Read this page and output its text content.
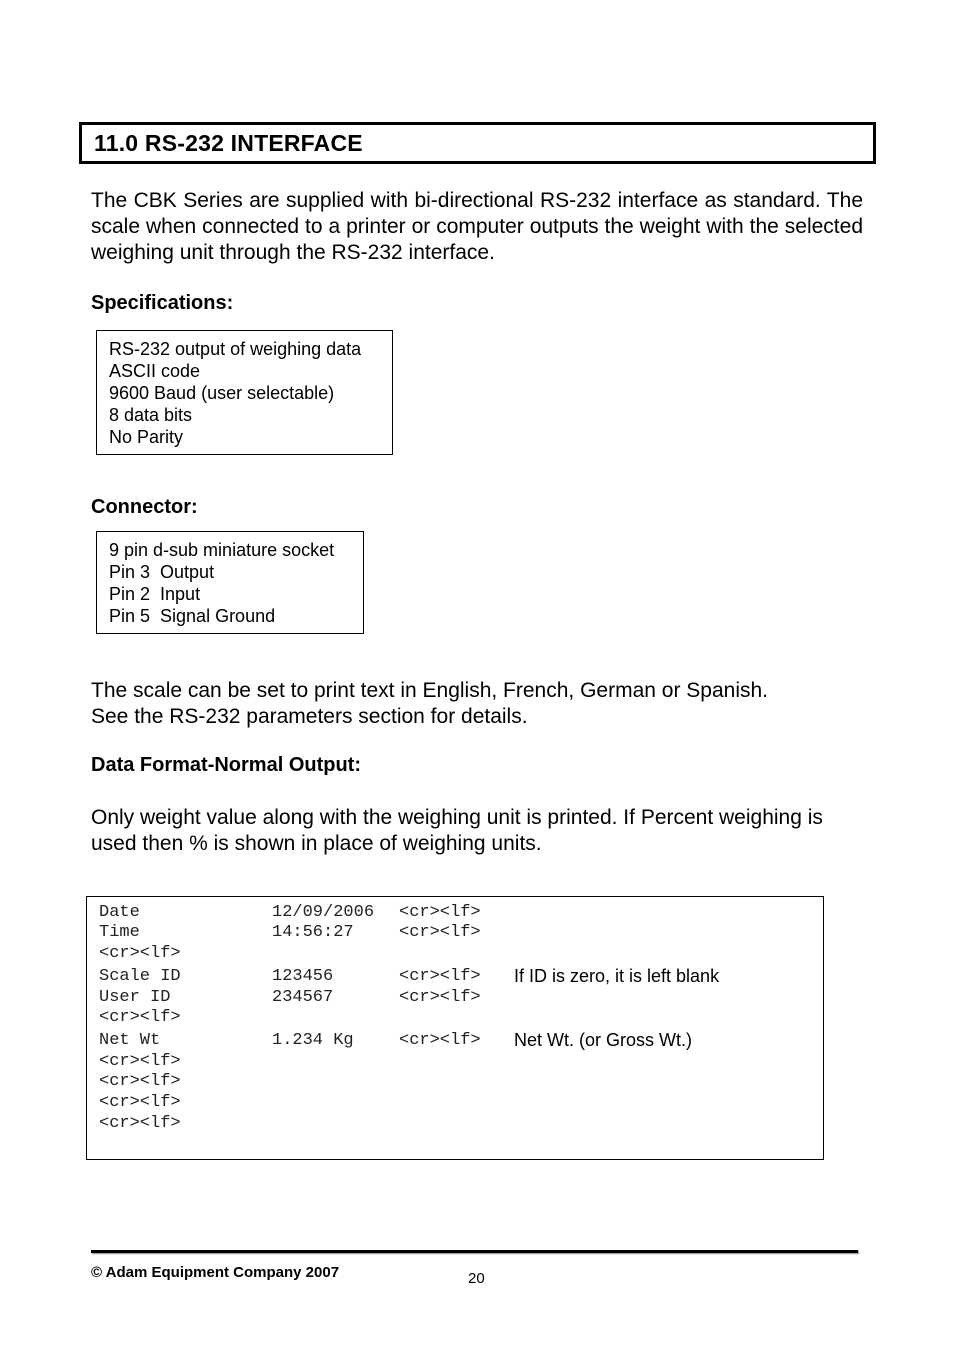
11.0 RS-232 INTERFACE
The CBK Series are supplied with bi-directional RS-232 interface as standard. The scale when connected to a printer or computer outputs the weight with the selected weighing unit through the RS-232 interface.
Specifications:
RS-232 output of weighing data
ASCII code
9600 Baud (user selectable)
8 data bits
No Parity
Connector:
9 pin d-sub miniature socket
Pin 3  Output
Pin 2  Input
Pin 5  Signal Ground
The scale can be set to print text in English, French, German or Spanish.
See the RS-232 parameters section for details.
Data Format-Normal Output:
Only weight value along with the weighing unit is printed. If Percent weighing is used then % is shown in place of weighing units.
Date	12/09/2006 <cr><lf>
Time	14:56:27	<cr><lf>
<cr><lf>
Scale ID	123456	<cr><lf> If ID is zero, it is left blank
User ID	234567	<cr><lf>
<cr><lf>
Net Wt	1.234 Kg	<cr><lf> Net Wt. (or Gross Wt.)
<cr><lf>
<cr><lf>
<cr><lf>
<cr><lf>
© Adam Equipment Company 2007	20
